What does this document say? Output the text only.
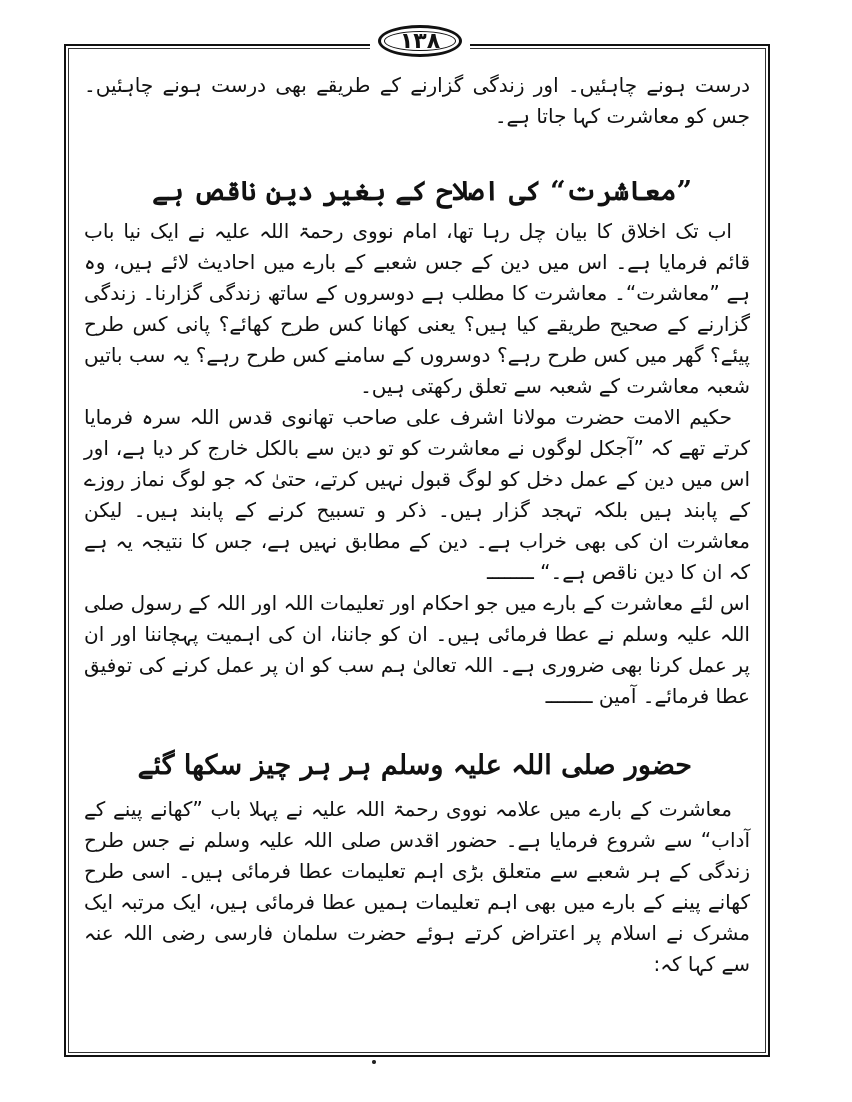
۱۳۸

درست ہونے چاہئیں۔ اور زندگی گزارنے کے طریقے بھی درست ہونے چاہئیں۔ جس کو معاشرت کہا جاتا ہے۔

”معاشرت“ کی اصلاح کے بغیر دین ناقص ہے

اب تک اخلاق کا بیان چل رہا تھا، امام نووی رحمۃ اللہ علیہ نے ایک نیا باب قائم فرمایا ہے۔ اس میں دین کے جس شعبے کے بارے میں احادیث لائے ہیں، وہ ہے ”معاشرت“۔ معاشرت کا مطلب ہے دوسروں کے ساتھ زندگی گزارنا۔ زندگی گزارنے کے صحیح طریقے کیا ہیں؟ یعنی کھانا کس طرح کھائے؟ پانی کس طرح پیئے؟ گھر میں کس طرح رہے؟ دوسروں کے سامنے کس طرح رہے؟ یہ سب باتیں شعبہ معاشرت کے شعبہ سے تعلق رکھتی ہیں۔

حکیم الامت حضرت مولانا اشرف علی صاحب تھانوی قدس اللہ سرہ فرمایا کرتے تھے کہ ”آجکل لوگوں نے معاشرت کو تو دین سے بالکل خارج کر دیا ہے، اور اس میں دین کے عمل دخل کو لوگ قبول نہیں کرتے، حتیٰ کہ جو لوگ نماز روزے کے پابند ہیں بلکہ تہجد گزار ہیں۔ ذکر و تسبیح کرنے کے پابند ہیں۔ لیکن معاشرت ان کی بھی خراب ہے۔ دین کے مطابق نہیں ہے، جس کا نتیجہ یہ ہے کہ ان کا دین ناقص ہے۔“ ــــــــ

اس لئے معاشرت کے بارے میں جو احکام اور تعلیمات اللہ اور اللہ کے رسول صلی اللہ علیہ وسلم نے عطا فرمائی ہیں۔ ان کو جاننا، ان کی اہمیت پہچاننا اور ان پر عمل کرنا بھی ضروری ہے۔ اللہ تعالیٰ ہم سب کو ان پر عمل کرنے کی توفیق عطا فرمائے۔ آمین ــــــــ

حضور صلی اللہ علیہ وسلم ہر ہر چیز سکھا گئے

معاشرت کے بارے میں علامہ نووی رحمۃ اللہ علیہ نے پہلا باب ”کھانے پینے کے آداب“ سے شروع فرمایا ہے۔ حضور اقدس صلی اللہ علیہ وسلم نے جس طرح زندگی کے ہر شعبے سے متعلق بڑی اہم تعلیمات عطا فرمائی ہیں۔ اسی طرح کھانے پینے کے بارے میں بھی اہم تعلیمات ہمیں عطا فرمائی ہیں، ایک مرتبہ ایک مشرک نے اسلام پر اعتراض کرتے ہوئے حضرت سلمان فارسی رضی اللہ عنہ سے کہا کہ:
